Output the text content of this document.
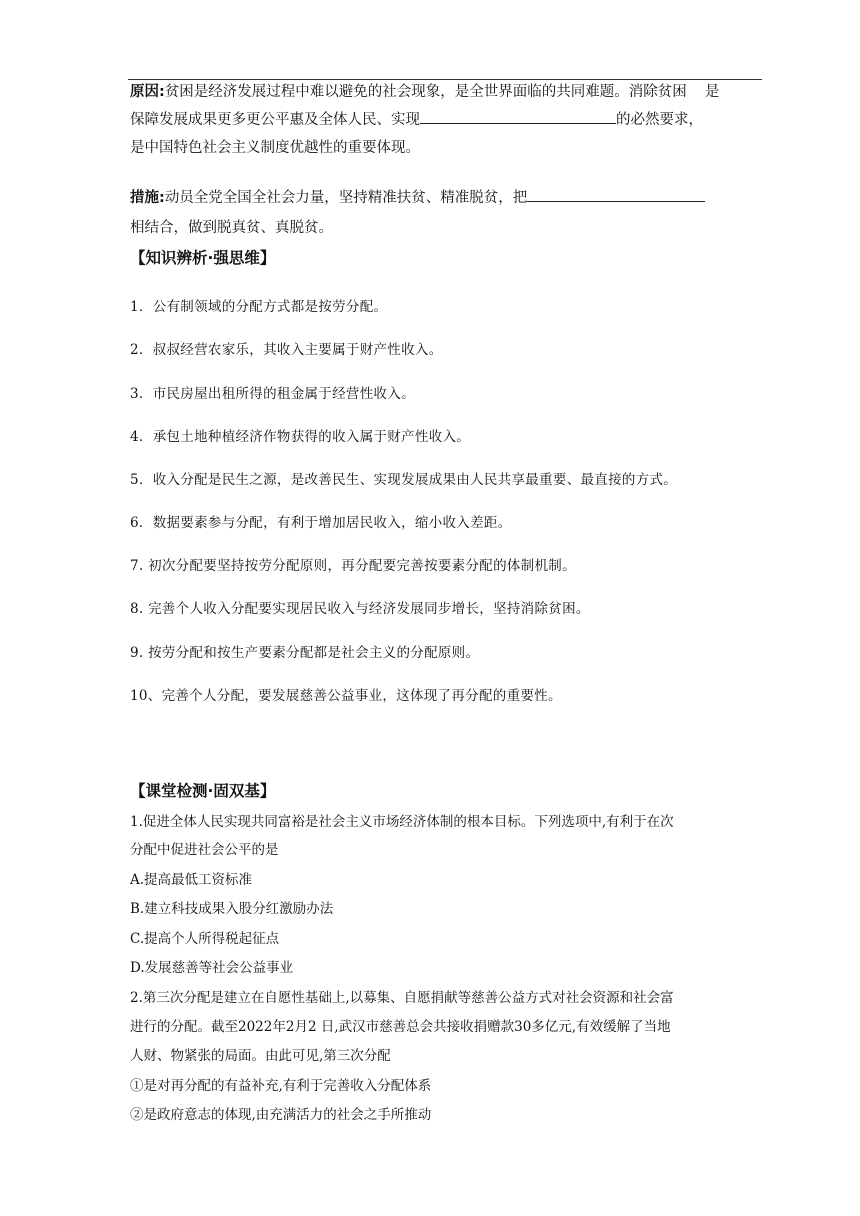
原因:贫困是经济发展过程中难以避免的社会现象，是全世界面临的共同难题。消除贫困 是
保障发展成果更多更公平惠及全体人民、实现	的必然要求，
是中国特色社会主义制度优越性的重要体现。
措施:动员全党全国全社会力量，坚持精准扶贫、精准脱贫，把
相结合，做到脱真贫、真脱贫。
【知识辨析·强思维】
1．公有制领域的分配方式都是按劳分配。
2．叔叔经营农家乐，其收入主要属于财产性收入。
3．市民房屋出租所得的租金属于经营性收入。
4．承包土地种植经济作物获得的收入属于财产性收入。
5．收入分配是民生之源，是改善民生、实现发展成果由人民共享最重要、最直接的方式。
6．数据要素参与分配，有利于增加居民收入，缩小收入差距。
7. 初次分配要坚持按劳分配原则，再分配要完善按要素分配的体制机制。
8. 完善个人收入分配要实现居民收入与经济发展同步增长，坚持消除贫困。
9. 按劳分配和按生产要素分配都是社会主义的分配原则。
10、完善个人分配，要发展慈善公益事业，这体现了再分配的重要性。
【课堂检测·固双基】
1.促进全体人民实现共同富裕是社会主义市场经济体制的根本目标。下列选项中,有利于在次
分配中促进社会公平的是
A.提高最低工资标准
B.建立科技成果入股分红激励办法
C.提高个人所得税起征点
D.发展慈善等社会公益事业
2.第三次分配是建立在自愿性基础上,以募集、自愿捐献等慈善公益方式对社会资源和社会富
进行的分配。截至2022年2月2 日,武汉市慈善总会共接收捐赠款30多亿元,有效缓解了当地
人财、物紧张的局面。由此可见,第三次分配
①是对再分配的有益补充,有利于完善收入分配体系
②是政府意志的体现,由充满活力的社会之手所推动
